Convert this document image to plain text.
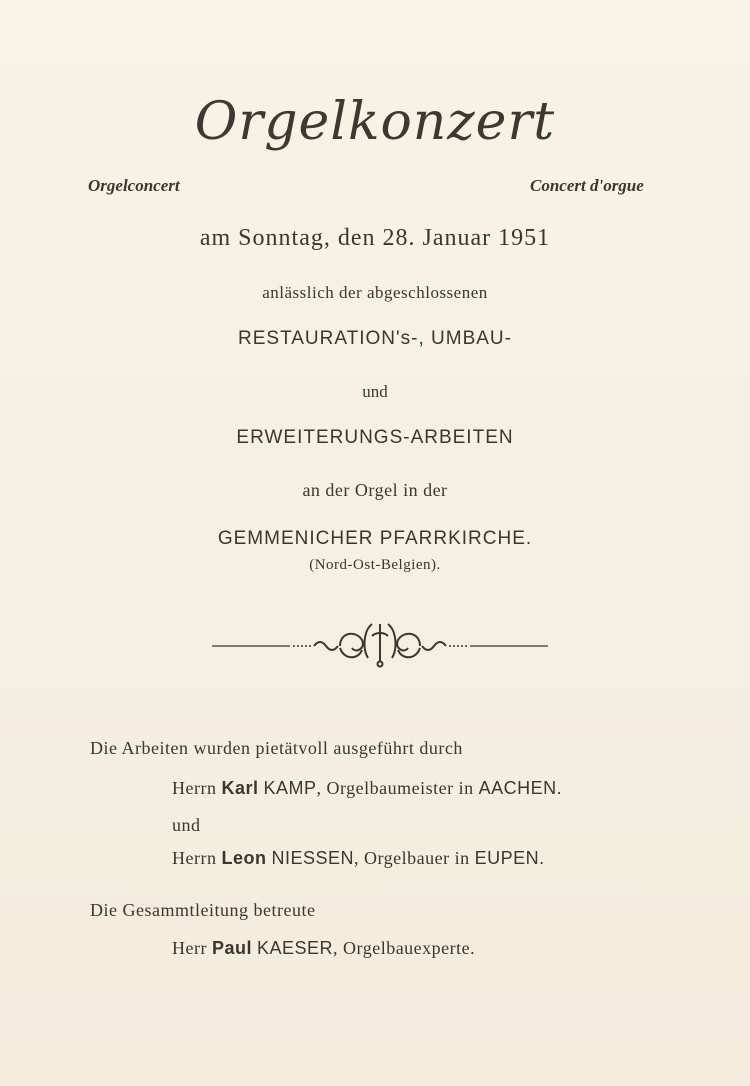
Orgelkonzert
Orgelconcert	Concert d'orgue
am Sonntag, den 28. Januar 1951
anlässlich der abgeschlossenen
RESTAURATION's-, UMBAU-
und
ERWEITERUNGS-ARBEITEN
an der Orgel in der
GEMMENICHER PFARRKIRCHE.
(Nord-Ost-Belgien).
Die Arbeiten wurden pietätvoll ausgeführt durch
Herrn Karl KAMP, Orgelbaumeister in AACHEN.
und
Herrn Leon NIESSEN, Orgelbauer in EUPEN.
Die Gesammtleitung betreute
Herr Paul KAESER, Orgelbauexperte.
